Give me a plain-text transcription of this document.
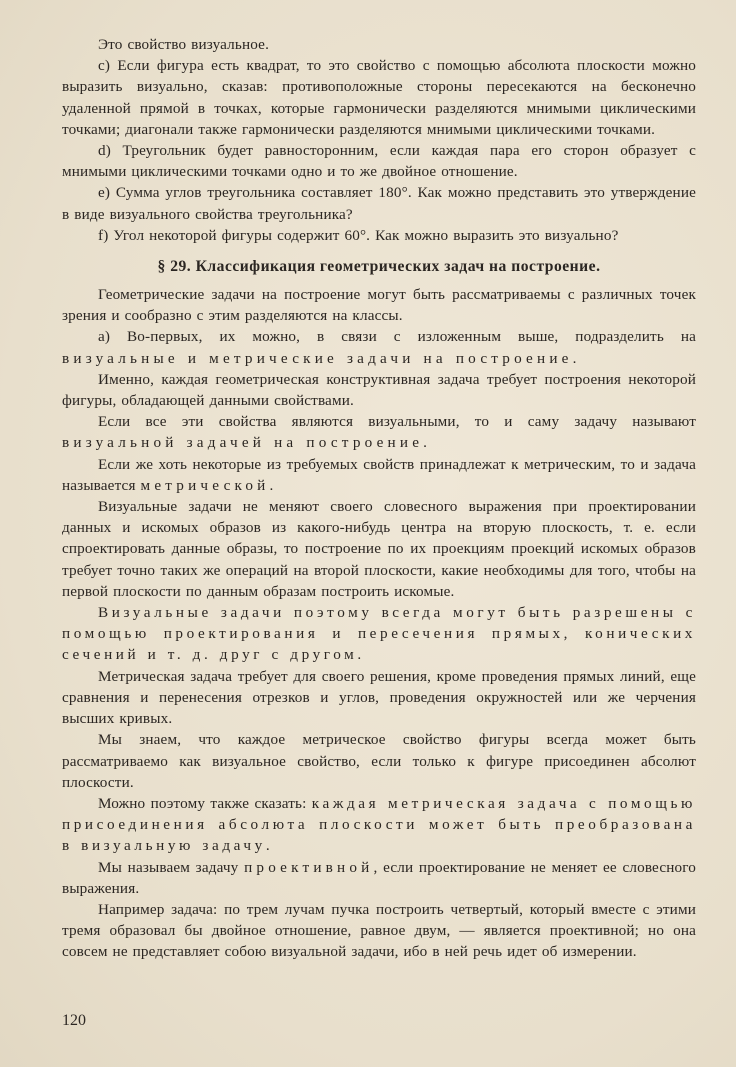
Это свойство визуальное.

c) Если фигура есть квадрат, то это свойство с помощью абсолюта плоскости можно выразить визуально, сказав: противоположные стороны пересекаются на бесконечно удаленной прямой в точках, которые гармонически разделяются мнимыми циклическими точками; диагонали также гармонически разделяются мнимыми циклическими точками.

d) Треугольник будет равносторонним, если каждая пара его сторон образует с мнимыми циклическими точками одно и то же двойное отношение.

e) Сумма углов треугольника составляет 180°. Как можно представить это утверждение в виде визуального свойства треугольника?

f) Угол некоторой фигуры содержит 60°. Как можно выразить это визуально?

§ 29. Классификация геометрических задач на построение.

Геометрические задачи на построение могут быть рассматриваемы с различных точек зрения и сообразно с этим разделяются на классы.

а) Во-первых, их можно, в связи с изложенным выше, подразделить на визуальные и метрические задачи на построение.

Именно, каждая геометрическая конструктивная задача требует построения некоторой фигуры, обладающей данными свойствами.

Если все эти свойства являются визуальными, то и саму задачу называют визуальной задачей на построение.

Если же хоть некоторые из требуемых свойств принадлежат к метрическим, то и задача называется метрической.

Визуальные задачи не меняют своего словесного выражения при проектировании данных и искомых образов из какого-нибудь центра на вторую плоскость, т. е. если спроектировать данные образы, то построение по их проекциям проекций искомых образов требует точно таких же операций на второй плоскости, какие необходимы для того, чтобы на первой плоскости по данным образам построить искомые.

Визуальные задачи поэтому всегда могут быть разрешены с помощью проектирования и пересечения прямых, конических сечений и т. д. друг с другом.

Метрическая задача требует для своего решения, кроме проведения прямых линий, еще сравнения и перенесения отрезков и углов, проведения окружностей или же черчения высших кривых.

Мы знаем, что каждое метрическое свойство фигуры всегда может быть рассматриваемо как визуальное свойство, если только к фигуре присоединен абсолют плоскости.

Можно поэтому также сказать: каждая метрическая задача с помощью присоединения абсолюта плоскости может быть преобразована в визуальную задачу.

Мы называем задачу проективной, если проектирование не меняет ее словесного выражения.

Например задача: по трем лучам пучка построить четвертый, который вместе с этими тремя образовал бы двойное отношение, равное двум, — является проективной; но она совсем не представляет собою визуальной задачи, ибо в ней речь идет об измерении.

120
